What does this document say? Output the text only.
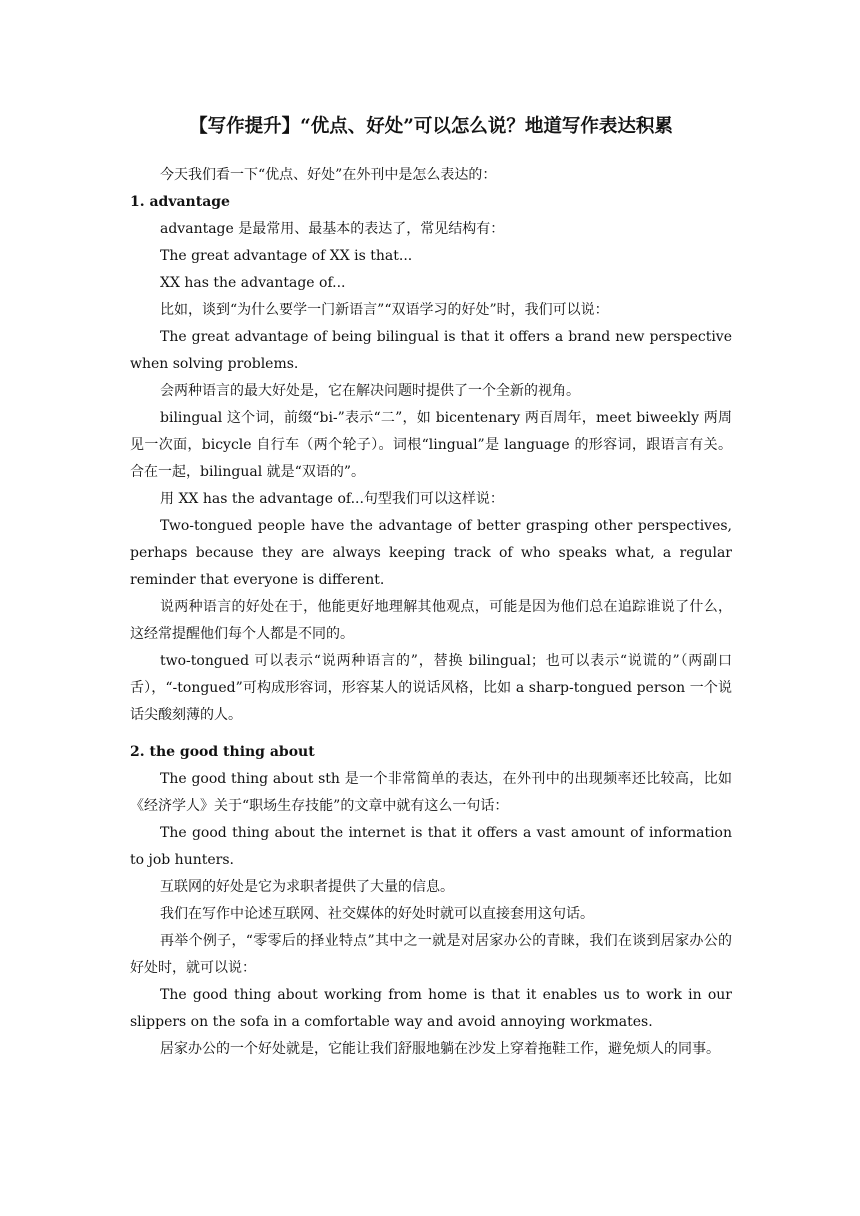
【写作提升】“优点、好处”可以怎么说？地道写作表达积累

今天我们看一下“优点、好处”在外刊中是怎么表达的：

1. advantage

advantage 是最常用、最基本的表达了，常见结构有：

The great advantage of XX is that...

XX has the advantage of...

比如，谈到“为什么要学一门新语言”“双语学习的好处”时，我们可以说：

The great advantage of being bilingual is that it offers a brand new perspective when solving problems.

会两种语言的最大好处是，它在解决问题时提供了一个全新的视角。

bilingual 这个词，前缀“bi-”表示“二”，如 bicentenary 两百周年，meet biweekly 两周见一次面，bicycle 自行车（两个轮子）。词根“lingual”是 language 的形容词，跟语言有关。合在一起，bilingual 就是“双语的”。

用 XX has the advantage of...句型我们可以这样说：

Two-tongued people have the advantage of better grasping other perspectives, perhaps because they are always keeping track of who speaks what, a regular reminder that everyone is different.

说两种语言的好处在于，他能更好地理解其他观点，可能是因为他们总在追踪谁说了什么，这经常提醒他们每个人都是不同的。

two-tongued 可以表示“说两种语言的”，替换 bilingual；也可以表示“说谎的”（两副口舌），“-tongued”可构成形容词，形容某人的说话风格，比如 a sharp-tongued person 一个说话尖酸刻薄的人。

2. the good thing about

The good thing about sth 是一个非常简单的表达，在外刊中的出现频率还比较高，比如《经济学人》关于“职场生存技能”的文章中就有这么一句话：

The good thing about the internet is that it offers a vast amount of information to job hunters.

互联网的好处是它为求职者提供了大量的信息。

我们在写作中论述互联网、社交媒体的好处时就可以直接套用这句话。

再举个例子，“零零后的择业特点”其中之一就是对居家办公的青睐，我们在谈到居家办公的好处时，就可以说：

The good thing about working from home is that it enables us to work in our slippers on the sofa in a comfortable way and avoid annoying workmates.

居家办公的一个好处就是，它能让我们舒服地躺在沙发上穿着拖鞋工作，避免烦人的同事。
